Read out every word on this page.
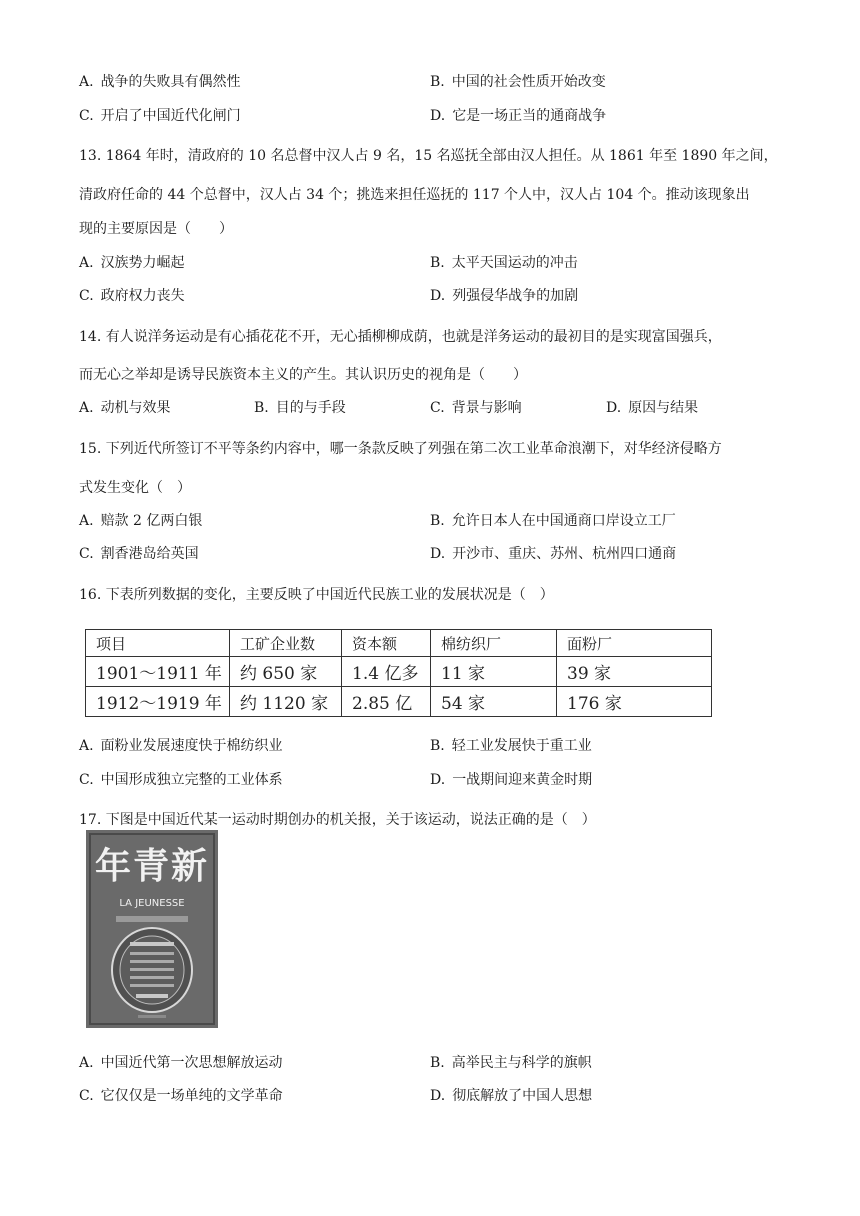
A.  战争的失败具有偶然性	B.  中国的社会性质开始改变
C.  开启了中国近代化闸门	D.  它是一场正当的通商战争
13. 1864 年时，清政府的 10 名总督中汉人占 9 名，15 名巡抚全部由汉人担任。从 1861 年至 1890 年之间，
清政府任命的 44 个总督中，汉人占 34 个；挑选来担任巡抚的 117 个人中，汉人占 104 个。推动该现象出
现的主要原因是（　　）
A.  汉族势力崛起	B.  太平天国运动的冲击
C.  政府权力丧失	D.  列强侵华战争的加剧
14. 有人说洋务运动是有心插花花不开，无心插柳柳成荫，也就是洋务运动的最初目的是实现富国强兵，
而无心之举却是诱导民族资本主义的产生。其认识历史的视角是（　　）
A.  动机与效果	B.  目的与手段	C.  背景与影响	D.  原因与结果
15. 下列近代所签订不平等条约内容中，哪一条款反映了列强在第二次工业革命浪潮下，对华经济侵略方
式发生变化（　）
A.  赔款 2 亿两白银	B.  允许日本人在中国通商口岸设立工厂
C.  割香港岛给英国	D.  开沙市、重庆、苏州、杭州四口通商
16. 下表所列数据的变化，主要反映了中国近代民族工业的发展状况是（　）
项目	工矿企业数	资本额	棉纺织厂	面粉厂
1901～1911 年	约 650 家	1.4 亿多	11 家	39 家
1912～1919 年	约 1120 家	2.85 亿	54 家	176 家
A.  面粉业发展速度快于棉纺织业	B.  轻工业发展快于重工业
C.  中国形成独立完整的工业体系	D.  一战期间迎来黄金时期
17. 下图是中国近代某一运动时期创办的机关报，关于该运动，说法正确的是（　）
年青新
LA JEUNESSE
A.  中国近代第一次思想解放运动	B.  高举民主与科学的旗帜
C.  它仅仅是一场单纯的文学革命	D.  彻底解放了中国人思想
